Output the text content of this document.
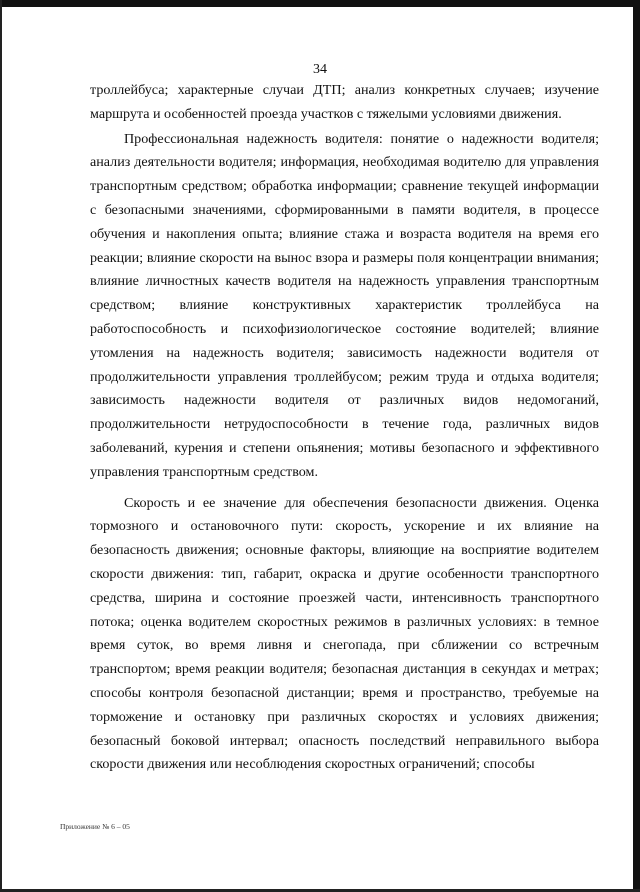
34

троллейбуса; характерные случаи ДТП; анализ конкретных случаев; изучение маршрута и особенностей проезда участков с тяжелыми условиями движения.

Профессиональная надежность водителя: понятие о надежности водителя; анализ деятельности водителя; информация, необходимая водителю для управления транспортным средством; обработка информации; сравнение текущей информации с безопасными значениями, сформированными в памяти водителя, в процессе обучения и накопления опыта; влияние стажа и возраста водителя на время его реакции; влияние скорости на вынос взора и размеры поля концентрации внимания; влияние личностных качеств водителя на надежность управления транспортным средством; влияние конструктивных характеристик троллейбуса на работоспособность и психофизиологическое состояние водителей; влияние утомления на надежность водителя; зависимость надежности водителя от продолжительности управления троллейбусом; режим труда и отдыха водителя; зависимость надежности водителя от различных видов недомоганий, продолжительности нетрудоспособности в течение года, различных видов заболеваний, курения и степени опьянения; мотивы безопасного и эффективного управления транспортным средством.

Скорость и ее значение для обеспечения безопасности движения. Оценка тормозного и остановочного пути: скорость, ускорение и их влияние на безопасность движения; основные факторы, влияющие на восприятие водителем скорости движения: тип, габарит, окраска и другие особенности транспортного средства, ширина и состояние проезжей части, интенсивность транспортного потока; оценка водителем скоростных режимов в различных условиях: в темное время суток, во время ливня и снегопада, при сближении со встречным транспортом; время реакции водителя; безопасная дистанция в секундах и метрах; способы контроля безопасной дистанции; время и пространство, требуемые на торможение и остановку при различных скоростях и условиях движения; безопасный боковой интервал; опасность последствий неправильного выбора скорости движения или несоблюдения скоростных ограничений; способы

Приложение № 6 – 05
